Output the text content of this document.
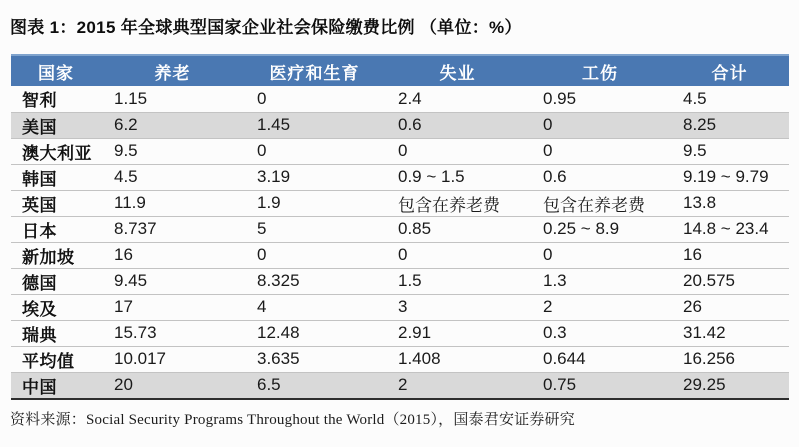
图表 1：2015 年全球典型国家企业社会保险缴费比例 （单位：%）
国家	养老	医疗和生育	失业	工伤	合计
智利	1.15	0	2.4	0.95	4.5
美国	6.2	1.45	0.6	0	8.25
澳大利亚	9.5	0	0	0	9.5
韩国	4.5	3.19	0.9 ~ 1.5	0.6	9.19 ~ 9.79
英国	11.9	1.9	包含在养老费	包含在养老费	13.8
日本	8.737	5	0.85	0.25 ~ 8.9	14.8 ~ 23.4
新加坡	16	0	0	0	16
德国	9.45	8.325	1.5	1.3	20.575
埃及	17	4	3	2	26
瑞典	15.73	12.48	2.91	0.3	31.42
平均值	10.017	3.635	1.408	0.644	16.256
中国	20	6.5	2	0.75	29.25
资料来源：Social Security Programs Throughout the World（2015），国泰君安证券研究
